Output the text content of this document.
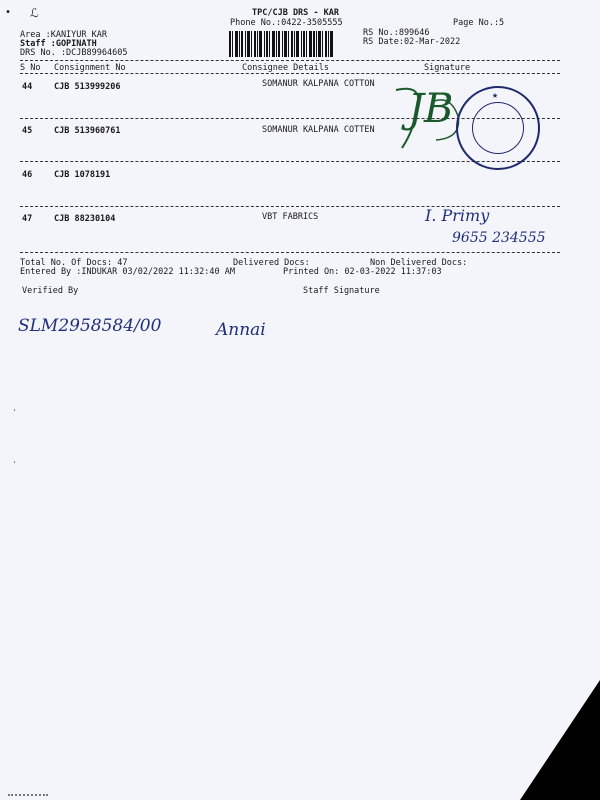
• ℒ	TPC/CJB DRS - KAR
Phone No.:0422-3505555	Page No.:5
Area :KANIYUR KAR
Staff :GOPINATH
DRS No. :DCJB89964605
RS No.:899646
RS Date:02-Mar-2022
S No Consignment No	Consignee Details	Signature
44	CJB 513999206	SOMANUR KALPANA COTTON
45	CJB 513960761	SOMANUR KALPANA COTTEN
46	CJB 1078191
47	CJB 88230104	VBT FABRICS
Total No. Of Docs: 47	Delivered Docs:	Non Delivered Docs:
Entered By :INDUKAR 03/02/2022 11:32:40 AM	Printed On: 02-03-2022 11:37:03
Verified By	Staff Signature
JB	★
I. Primy
9655 234555
SLM2958584/00	Annai
'
'
